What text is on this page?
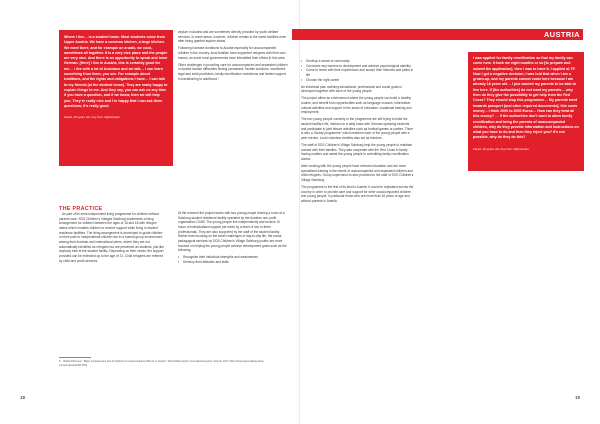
AUSTRIA
Where I live… is a student home. Most students come from Upper Austria. We have a common kitchen, a large kitchen. We meet there, and for example on a walk, we cook, sometimes all together. It is a very nice place and the people are very nice. And there is an opportunity to speak and learn German. [Here] I live in Austria, this is certainly good for me… I live with a lot of Austrians and we talk… I can learn something from them, you see. For example about traditions, and the rights and obligations I have… I can talk to my friends [at the student home]. They are ready happy to explain things to me. And they say, you can ask us any time if you have a question, and if we know, then we will help you. They’re really nice and I’m happy that I can ask them questions; it’s really good.
Farad, 18 years old, boy from Afghanistan
I was applied for family reunification so that my family can come here. It took me eight months or so [to prepare and submit the application]; then I was to have it. I applied at TF. Now I got a negative decision; I was told that when I am a grown-up, and my parents cannot come here because I am already 18 years old… I just wanted my parents to be able to live here. If [the authorities] do not want my parents… why then do they give the possibility to get help from the Red Cross? They should stop this programme… My parents went towards passport [and other required documents]; this costs money – I think 2000 to 3000 Euros… How can they treat all this money? … If the authorities don’t want to allow family reunification and bring the parents of unaccompanied children, why do they provide information and instructions on what you have to do and then they reject you? It’s not possible, why do they do this?
Farad, 18 years old, boy from Afghanistan
THE PRACTICE

As part of its semi-independent living programme for children without parents care, SOS Children’s Villages Salzburg implements a living arrangement for children between the ages of 16 and 18 with refugee status which enables children to receive support while living in student residence facilities. The living arrangement is developed to guide children on their path to independents children live in a normal group environment, among their Austrian and international peers, where they are not automatically identified as refugees but are perceived as students, just like anybody else at the student facility. Depending on their needs, the support provided can be extended up to the age of 21. Child refugees are referred by child and youth services.

asylum in Austria and are sometimes directly provided by youth welfare services. In some areas, however, children remain in the same facilities even after being granted asylum status.

Following increase donations to Austria especially for unaccompanied children in the country, local families have supported refugees with their own homes, as some local governments have intensified their efforts in this area.

Other challenges in providing care for unaccompanied and separated children in Austria include difficulties finding permanent, flexible solutions, insufficient legal and solid provisions, family reunification restrictions and limited support in transitioning to adulthood.⁴

At the moment the project works with two young people sharing a room at a Salzburg student residence facility operated by the Austrian non-profit organisation OJAB. The young people live independently and receive 10 hours of individualised support per week by a team of two to three professionals. They are also supported by the staff of the student facility. Rather than focusing on the small challenges of day-to-day life, the social pedagogical services by SOS Children’s Village Salzburg youths are more focused on helping the young people achieve development goals such as the following:

• Recognise their individual strengths and weaknesses
• Develop their attitudes and skills
• Develop a sense of community
• Overcome any barriers to development and achieve psychological stability
• Come to terms with their experiences and accept their histories and paths in life
• Choose the right career

An individual plan outlining educational, professional and social goals is developed together with each of the young people.

The project offers an environment where the young people can build a healthy routine, and benefit from opportunities such as language courses, information, cultural activities and support in the areas of education, vocational training and employment.

The two young people currently in the programme are still trying to build the student facility’s life, interact on a daily basis with German-speaking students and participate in joint leisure activities such as football games or parties. There is also a “buddy programme” which matches each of the young people with a peer mentor. Local volunteer families also act as mentors.

The staff of SOS Children’s Village Salzburg help the young people to maintain contact with their families. They also cooperate with the Red Cross in family tracing matters and assist the young people in submitting family reunification claims.

After working with the young people have relevant education and are more specialised training in the needs of unaccompanied and separated children and child refugees. Group supervision is also provided to the staff of SOS Children’s Village Salzburg.

The programme is the first of its kind in Austria. It could be replicated across the country in order to provide care and support for other unaccompanied children and young people, in particular those who are more than 16 years of age and without parents in Austria.

4 Rabia Pölzmann, “Basic competencies and for Options for Unaccompanied Minors in Austria”, World Wide Asylum International Asylum Journal. 2017 (http://www.asylumdialog.at/wp-content/uploads/2017/03)
18	19
